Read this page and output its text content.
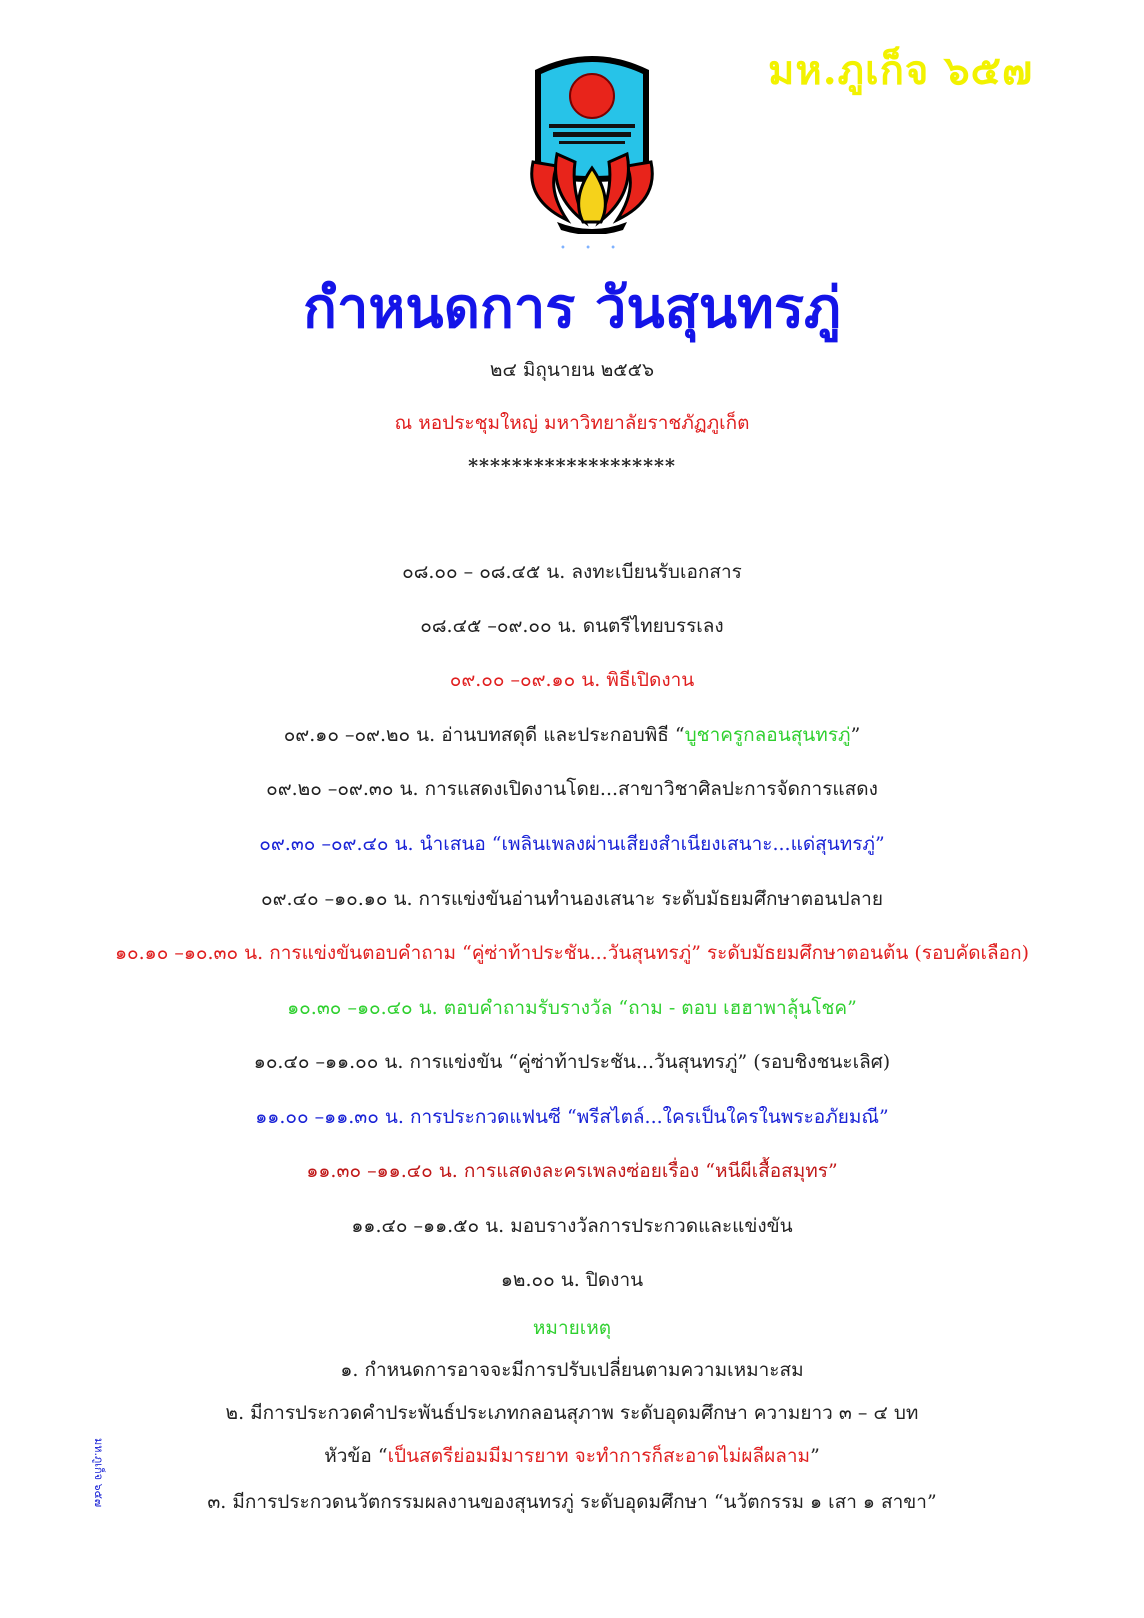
มห.ภูเก็จ ๖๕๗
• • •
กำหนดการ วันสุนทรภู่
๒๔ มิถุนายน ๒๕๕๖
ณ หอประชุมใหญ่ มหาวิทยาลัยราชภัฏภูเก็ต
*******************
๐๘.๐๐ – ๐๘.๔๕ น. ลงทะเบียนรับเอกสาร
๐๘.๔๕ –๐๙.๐๐ น. ดนตรีไทยบรรเลง
๐๙.๐๐ –๐๙.๑๐ น. พิธีเปิดงาน
๐๙.๑๐ –๐๙.๒๐ น. อ่านบทสดุดี และประกอบพิธี “บูชาครูกลอนสุนทรภู่”
๐๙.๒๐ –๐๙.๓๐ น. การแสดงเปิดงานโดย...สาขาวิชาศิลปะการจัดการแสดง
๐๙.๓๐ –๐๙.๔๐ น. นำเสนอ “เพลินเพลงผ่านเสียงสำเนียงเสนาะ...แด่สุนทรภู่”
๐๙.๔๐ –๑๐.๑๐ น. การแข่งขันอ่านทำนองเสนาะ ระดับมัธยมศึกษาตอนปลาย
๑๐.๑๐ –๑๐.๓๐ น. การแข่งขันตอบคำถาม “คู่ซ่าท้าประชัน...วันสุนทรภู่” ระดับมัธยมศึกษาตอนต้น (รอบคัดเลือก)
๑๐.๓๐ –๑๐.๔๐ น. ตอบคำถามรับรางวัล “ถาม - ตอบ เฮฮาพาลุ้นโชค”
๑๐.๔๐ –๑๑.๐๐ น. การแข่งขัน “คู่ซ่าท้าประชัน...วันสุนทรภู่” (รอบชิงชนะเลิศ)
๑๑.๐๐ –๑๑.๓๐ น. การประกวดแฟนซี “พรีสไตล์...ใครเป็นใครในพระอภัยมณี”
๑๑.๓๐ –๑๑.๔๐ น. การแสดงละครเพลงซ่อยเรื่อง “หนีผีเสื้อสมุทร”
๑๑.๔๐ –๑๑.๕๐ น. มอบรางวัลการประกวดและแข่งขัน
๑๒.๐๐ น. ปิดงาน
หมายเหตุ
๑. กำหนดการอาจจะมีการปรับเปลี่ยนตามความเหมาะสม
๒. มีการประกวดคำประพันธ์ประเภทกลอนสุภาพ ระดับอุดมศึกษา ความยาว ๓ – ๔ บท
หัวข้อ “เป็นสตรีย่อมมีมารยาท จะทำการก็สะอาดไม่ผลีผลาม”
๓. มีการประกวดนวัตกรรมผลงานของสุนทรภู่ ระดับอุดมศึกษา “นวัตกรรม ๑ เสา ๑ สาขา”
มห.ภูเก็จ ๖๕๗
